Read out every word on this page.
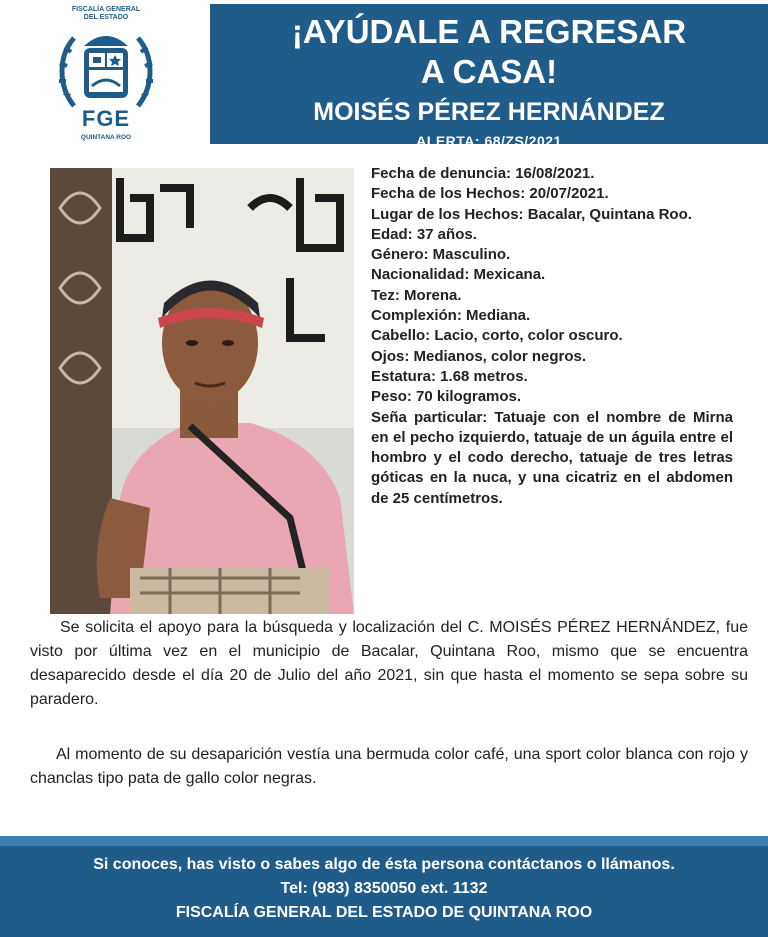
FISCALÍA GENERAL
DEL ESTADO
FGE
QUINTANA ROO
¡AYÚDALE A REGRESAR
A CASA!
MOISÉS PÉREZ HERNÁNDEZ
ALERTA: 68/ZS/2021

Fecha de denuncia: 16/08/2021.

Fecha de los Hechos: 20/07/2021.

Lugar de los Hechos: Bacalar, Quintana Roo.

Edad: 37 años.

Género: Masculino.

Nacionalidad: Mexicana.

Tez: Morena.

Complexión: Mediana.

Cabello: Lacio, corto, color oscuro.

Ojos: Medianos, color negros.

Estatura: 1.68 metros.

Peso: 70 kilogramos.

Seña particular: Tatuaje con el nombre de Mirna en el pecho izquierdo, tatuaje de un águila entre el hombro y el codo derecho, tatuaje de tres letras góticas en la nuca, y una cicatriz en el abdomen de 25 centímetros.

Se solicita el apoyo para la búsqueda y localización del C. MOISÉS PÉREZ HERNÁNDEZ, fue visto por última vez en el municipio de Bacalar, Quintana Roo, mismo que se encuentra desaparecido desde el día 20 de Julio del año 2021, sin que hasta el momento se sepa sobre su paradero.

Al momento de su desaparición vestía una bermuda color café, una sport color blanca con rojo y chanclas tipo pata de gallo color negras.

Si conoces, has visto o sabes algo de ésta persona contáctanos o llámanos.
Tel: (983) 8350050 ext. 1132
FISCALÍA GENERAL DEL ESTADO DE QUINTANA ROO
